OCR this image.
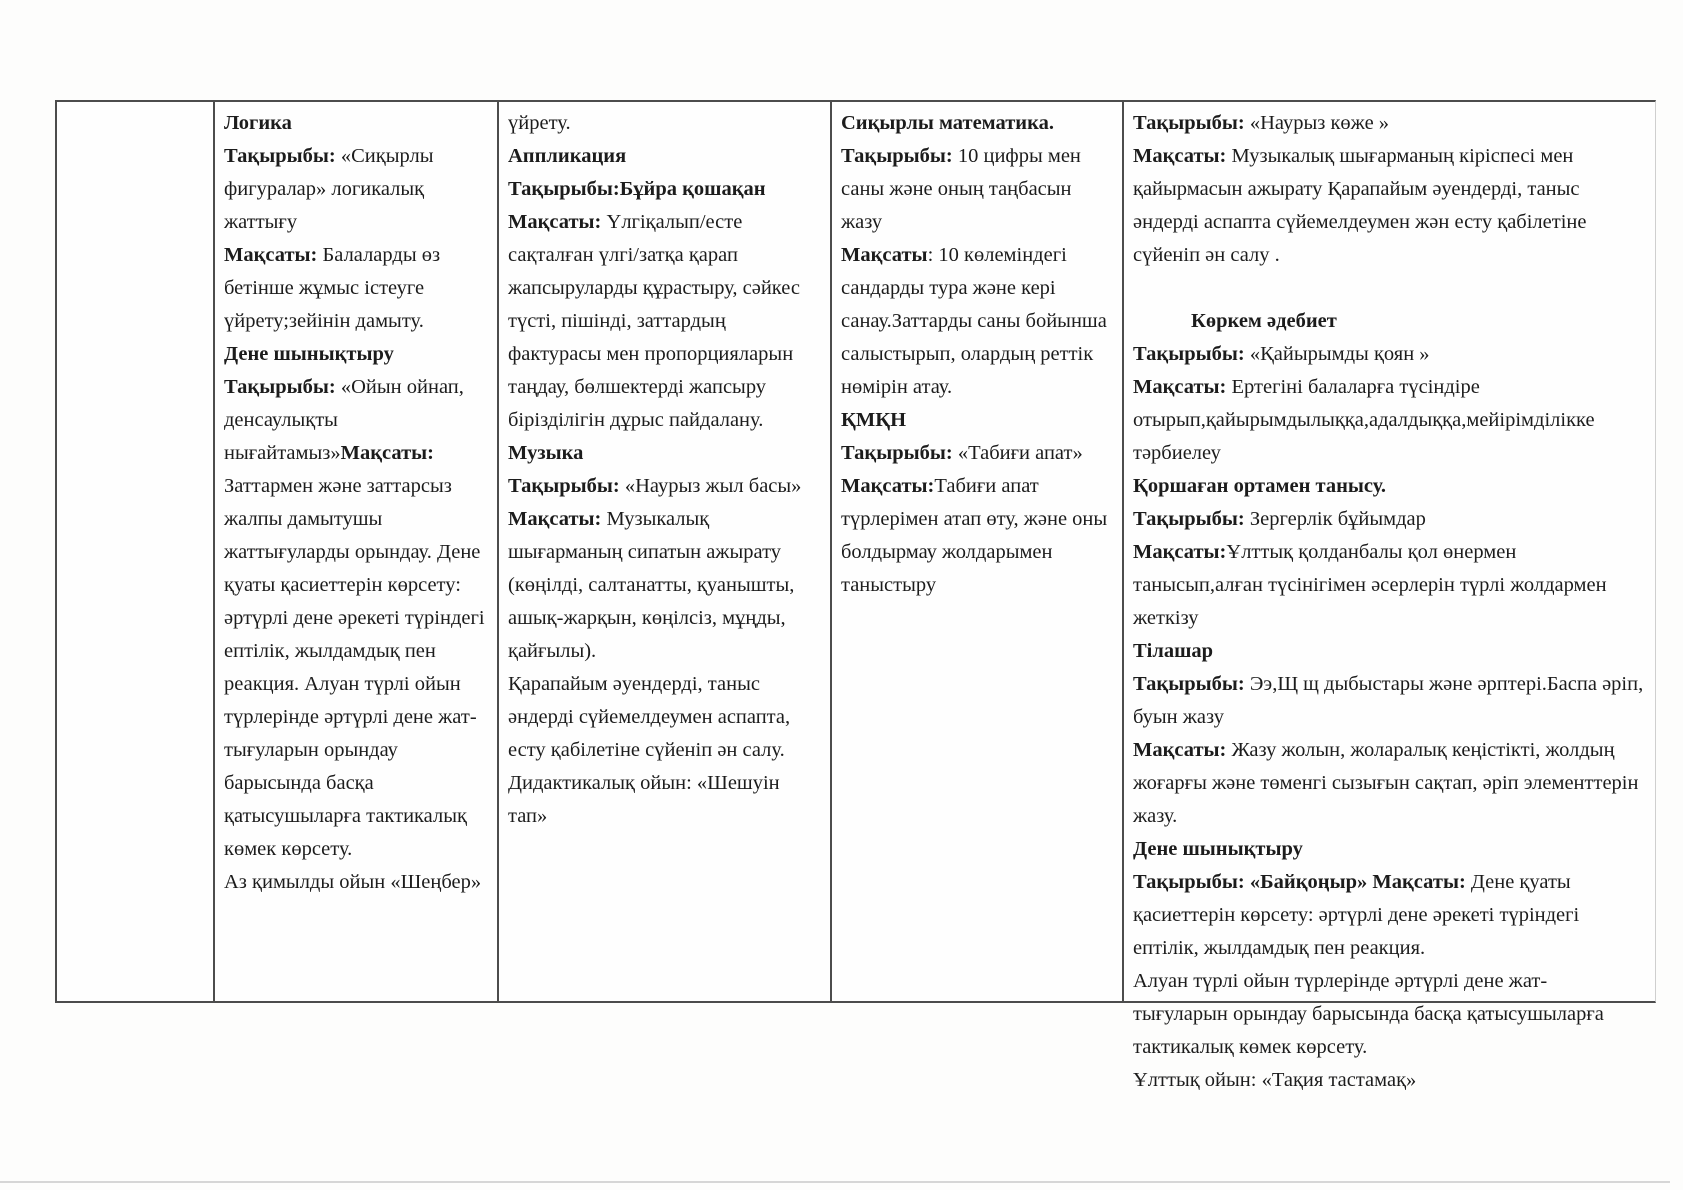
Логика
Тақырыбы: «Сиқырлы фигуралар» логикалық жаттығу
Мақсаты: Балаларды өз бетінше жұмыс істеуге үйрету;зейінін дамыту.
Дене шынықтыру
Тақырыбы: «Ойын ойнап, денсаулықты нығайтамыз»Мақсаты: Заттармен және заттарсыз жалпы дамытушы жаттығуларды орындау. Дене қуаты қасиеттерін көрсету: әртүрлі дене әрекеті түріндегі ептілік, жылдамдық пен реакция. Алуан түрлі ойын түрлерінде әртүрлі дене жат-
тығуларын орындау барысында басқа қатысушыларға тактикалық көмек көрсету.
Аз қимылды ойын «Шеңбер»
үйрету.
Аппликация
Тақырыбы:Бұйра қошақан
Мақсаты: Үлгіқалып/есте сақталған үлгі/затқа қарап жапсыруларды құрастыру, сәйкес түсті, пішінді, заттардың фактурасы мен пропорцияларын таңдау, бөлшектерді жапсыру бірізділігін дұрыс пайдалану.
Музыка
Тақырыбы: «Наурыз жыл басы»
Мақсаты: Музыкалық шығарманың сипатын ажырату (көңілді, салтанатты, қуанышты, ашық-жарқын, көңілсіз, мұңды, қайғылы).
Қарапайым әуендерді, таныс әндерді сүйемелдеумен аспапта, есту қабілетіне сүйеніп ән салу.
Дидактикалық ойын: «Шешуін тап»
Сиқырлы математика.
Тақырыбы: 10 цифры мен саны және оның таңбасын жазу
Мақсаты: 10 көлеміндегі сандарды тура және кері санау.Заттарды саны бойынша салыстырып, олардың реттік нөмірін атау.
ҚМҚН
Тақырыбы: «Табиғи апат»
Мақсаты:Табиғи апат түрлерімен атап өту, және оны болдырмау жолдарымен таныстыру
Тақырыбы: «Наурыз көже »
Мақсаты: Музыкалық шығарманың кіріспесі мен қайырмасын ажырату Қарапайым әуендерді, таныс әндерді аспапта сүйемелдеумен жән есту қабілетіне сүйеніп ән салу .
Көркем әдебиет
Тақырыбы: «Қайырымды қоян »
Мақсаты: Ертегіні балаларға түсіндіре отырып,қайырымдылыққа,адалдыққа,мейірімділікке тәрбиелеу
Қоршаған ортамен танысу.
Тақырыбы: Зергерлік бұйымдар
Мақсаты:Ұлттық қолданбалы қол өнермен танысып,алған түсінігімен әсерлерін түрлі жолдармен жеткізу
Тілашар
Тақырыбы: Ээ,Щ щ дыбыстары және әрптері.Баспа әріп, буын жазу
Мақсаты: Жазу жолын, жоларалық кеңістікті, жолдың жоғарғы және төменгі сызығын сақтап, әріп элементтерін жазу.
Дене шынықтыру
Тақырыбы: «Байқоңыр» Мақсаты: Дене қуаты қасиеттерін көрсету: әртүрлі дене әрекеті түріндегі ептілік, жылдамдық пен реакция.
Алуан түрлі ойын түрлерінде әртүрлі дене жат-
тығуларын орындау барысында басқа қатысушыларға тактикалық көмек көрсету.
Ұлттық ойын: «Тақия тастамақ»
